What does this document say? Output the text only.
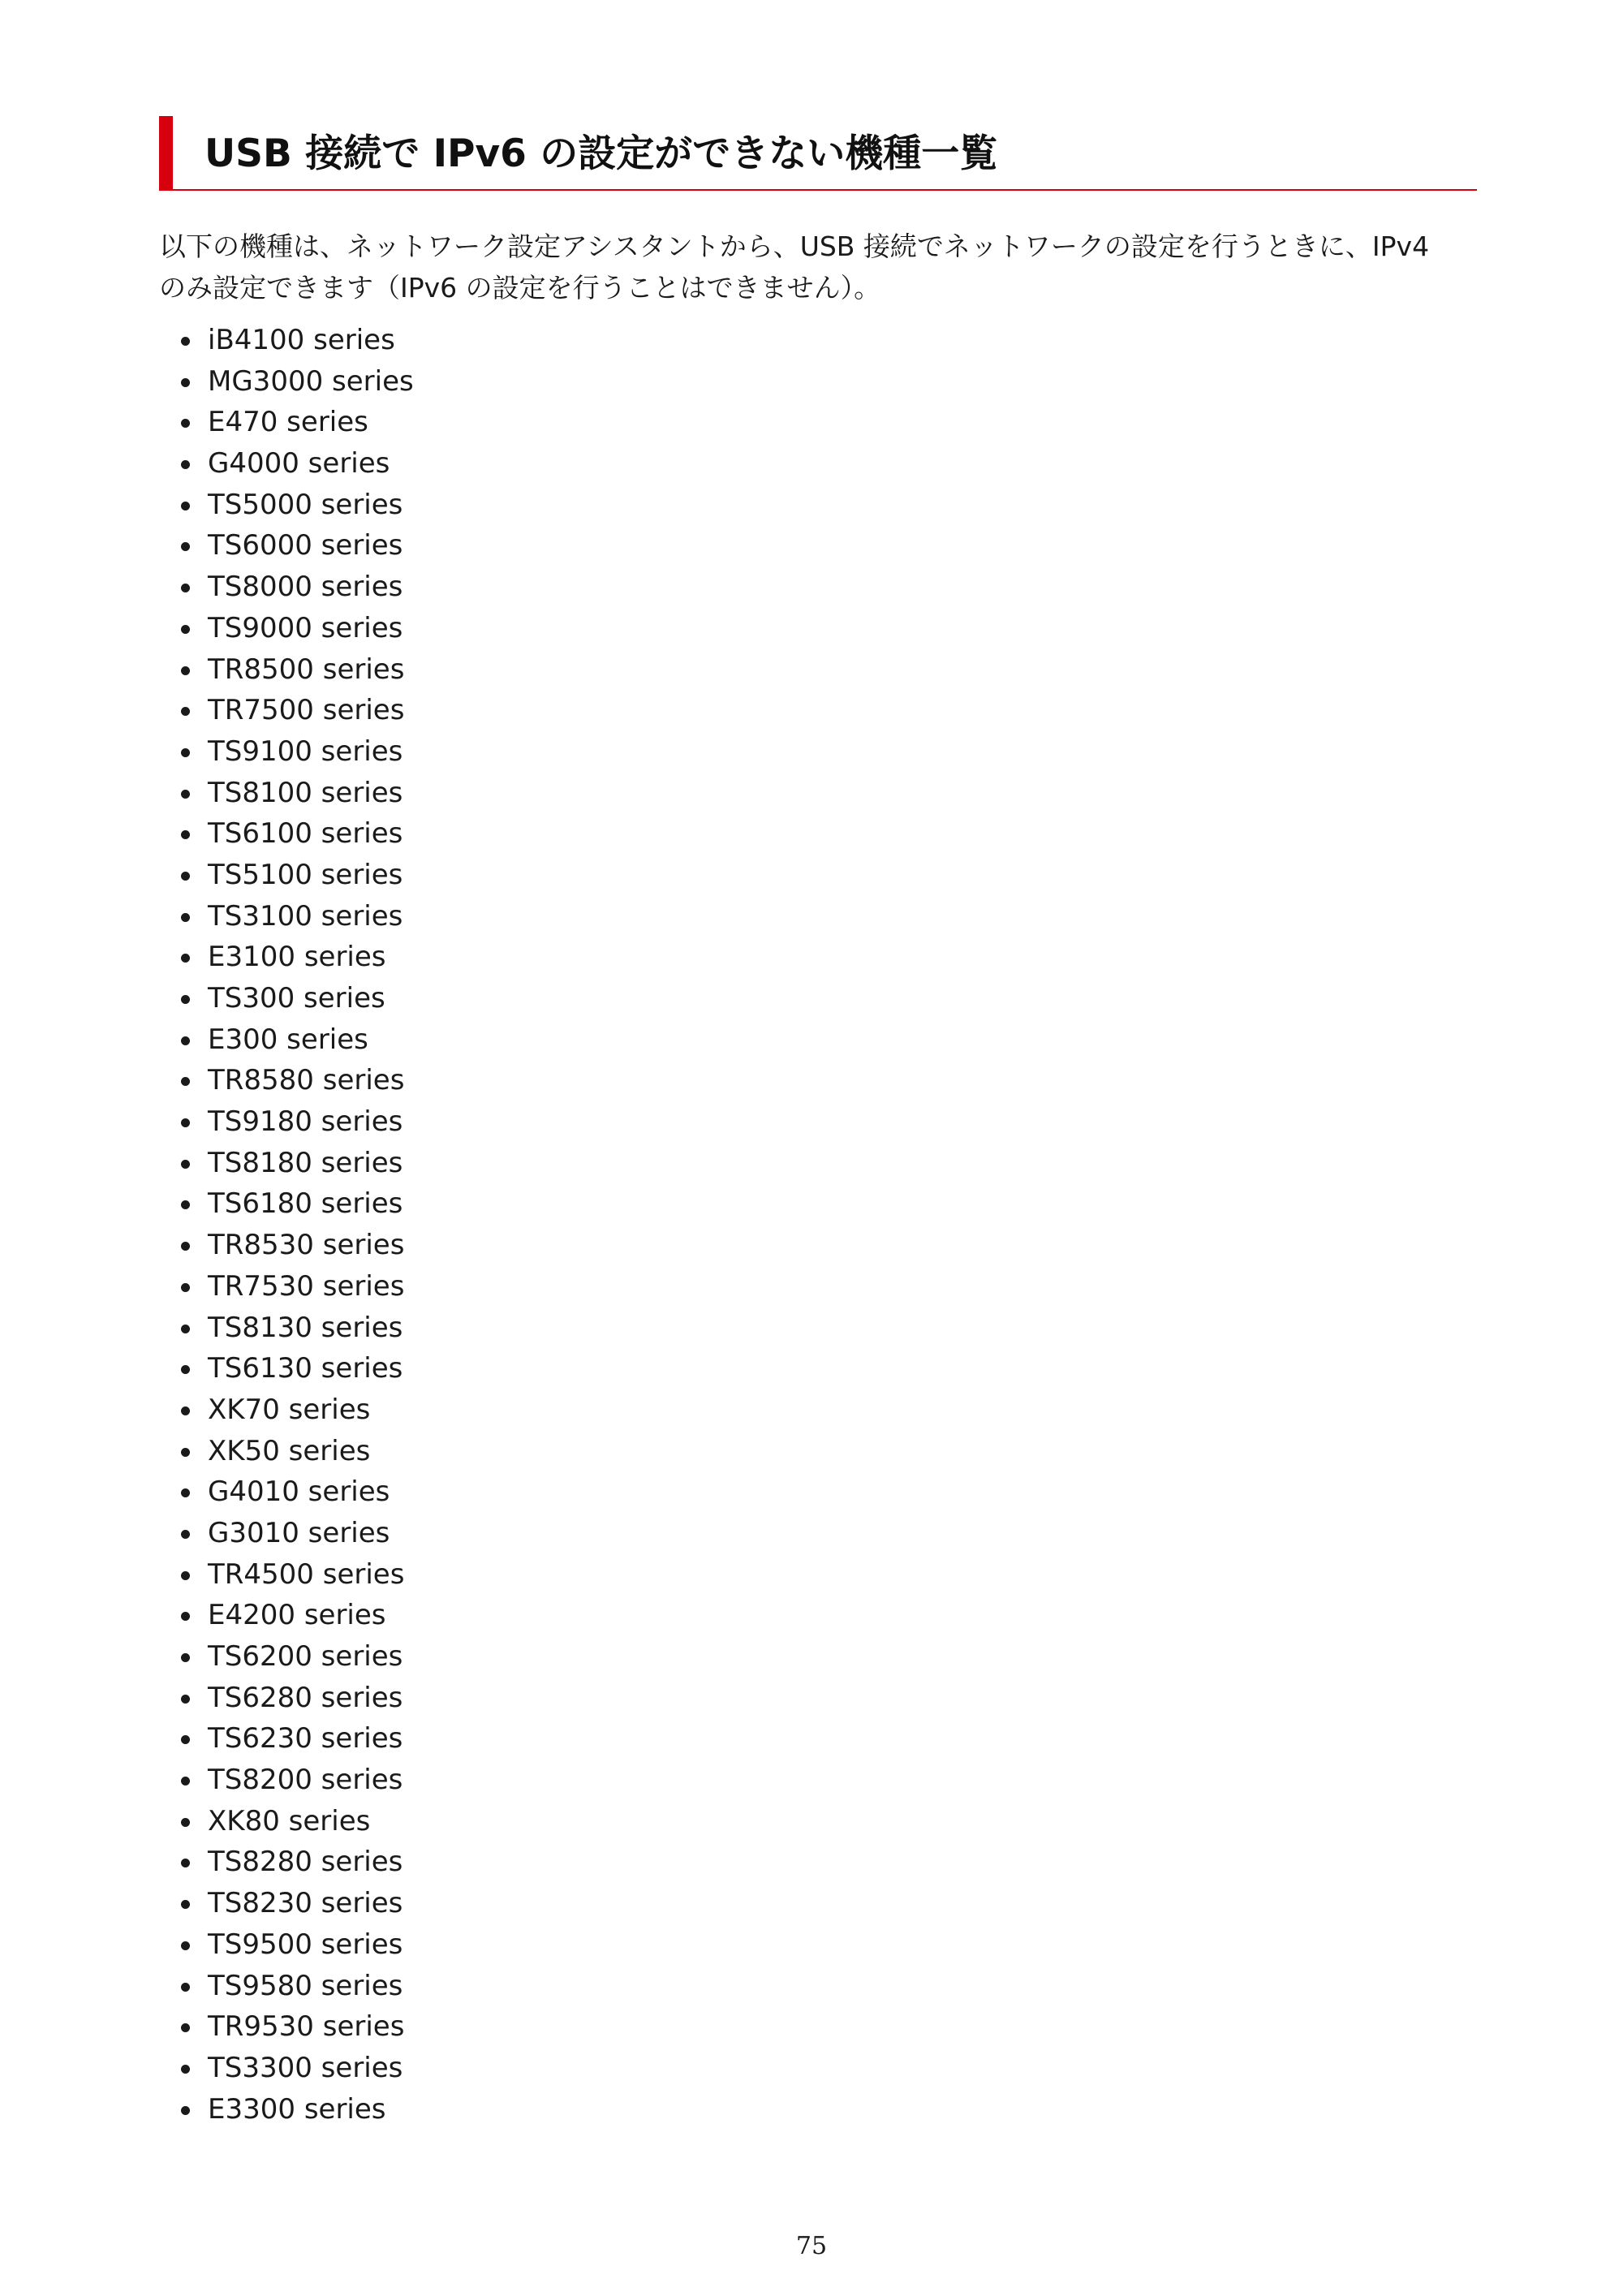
USB 接続で IPv6 の設定ができない機種一覧

以下の機種は、ネットワーク設定アシスタントから、USB 接続でネットワークの設定を行うときに、IPv4

のみ設定できます（IPv6 の設定を行うことはできません）。

iB4100 series
MG3000 series
E470 series
G4000 series
TS5000 series
TS6000 series
TS8000 series
TS9000 series
TR8500 series
TR7500 series
TS9100 series
TS8100 series
TS6100 series
TS5100 series
TS3100 series
E3100 series
TS300 series
E300 series
TR8580 series
TS9180 series
TS8180 series
TS6180 series
TR8530 series
TR7530 series
TS8130 series
TS6130 series
XK70 series
XK50 series
G4010 series
G3010 series
TR4500 series
E4200 series
TS6200 series
TS6280 series
TS6230 series
TS8200 series
XK80 series
TS8280 series
TS8230 series
TS9500 series
TS9580 series
TR9530 series
TS3300 series
E3300 series
75
